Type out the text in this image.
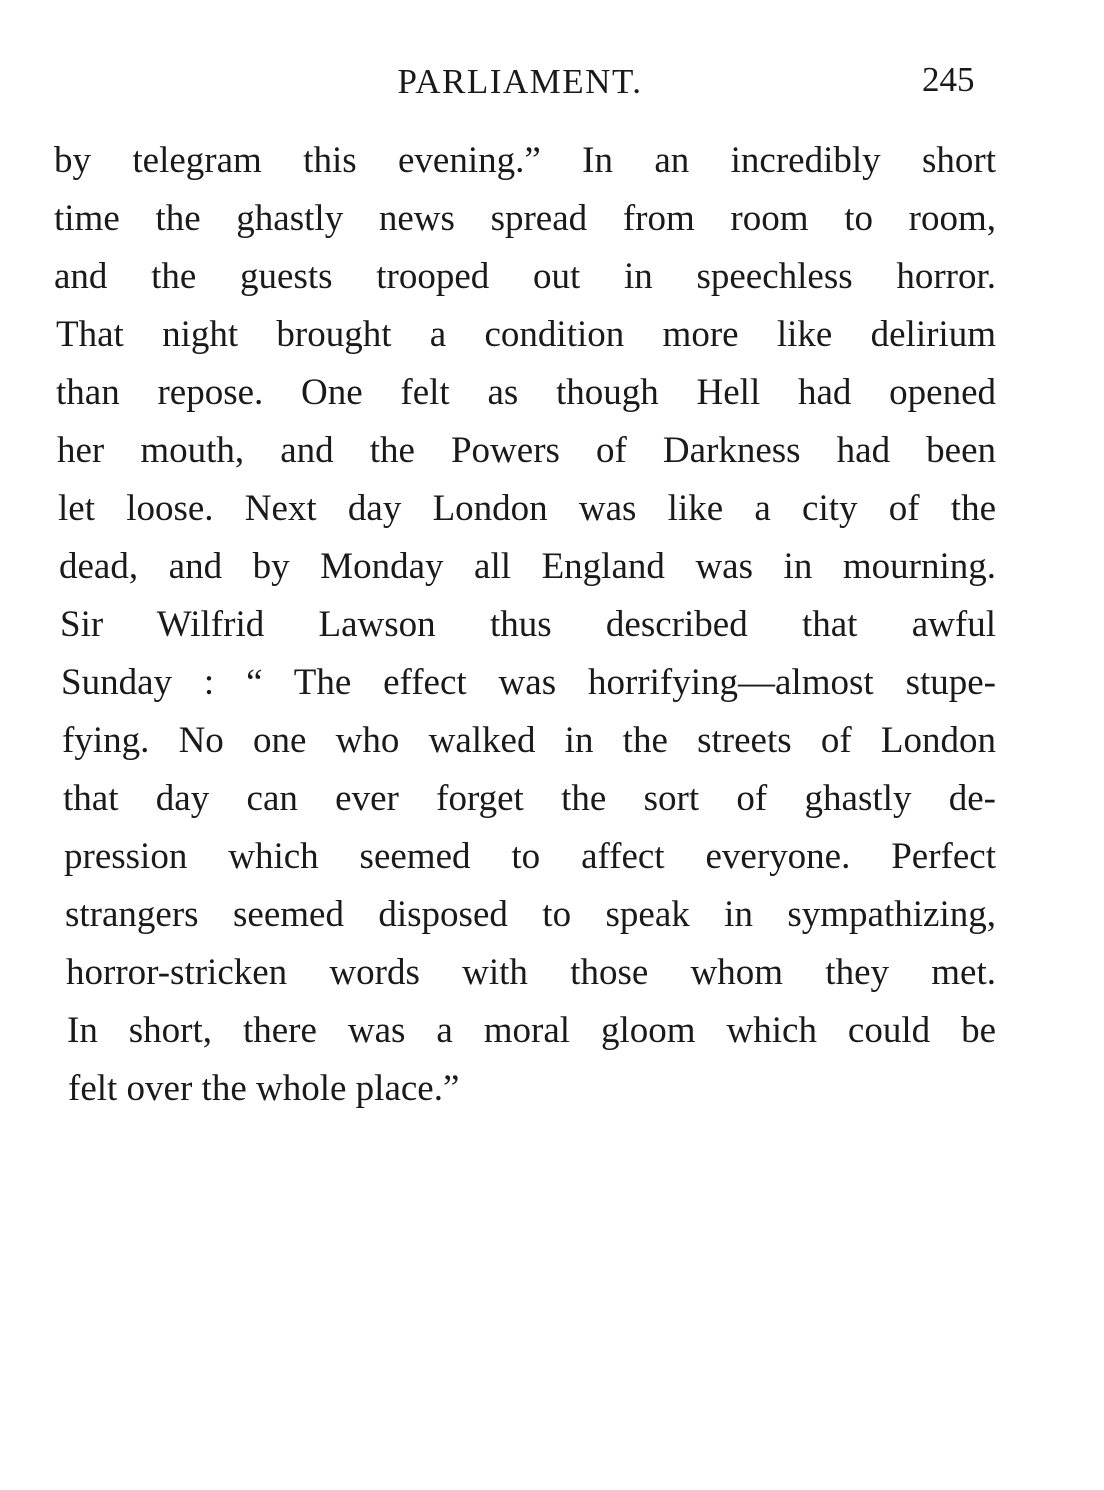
PARLIAMENT.	245
by telegram this evening.” In an incredibly short
time the ghastly news spread from room to room,
and the guests trooped out in speechless horror.
That night brought a condition more like delirium
than repose. One felt as though Hell had opened
her mouth, and the Powers of Darkness had been
let loose. Next day London was like a city of the
dead, and by Monday all England was in mourning.
Sir Wilfrid Lawson thus described that awful
Sunday : “ The effect was horrifying—almost stupe-
fying. No one who walked in the streets of London
that day can ever forget the sort of ghastly de-
pression which seemed to affect everyone. Perfect
strangers seemed disposed to speak in sympathizing,
horror-stricken words with those whom they met.
In short, there was a moral gloom which could be
felt over the whole place.”
